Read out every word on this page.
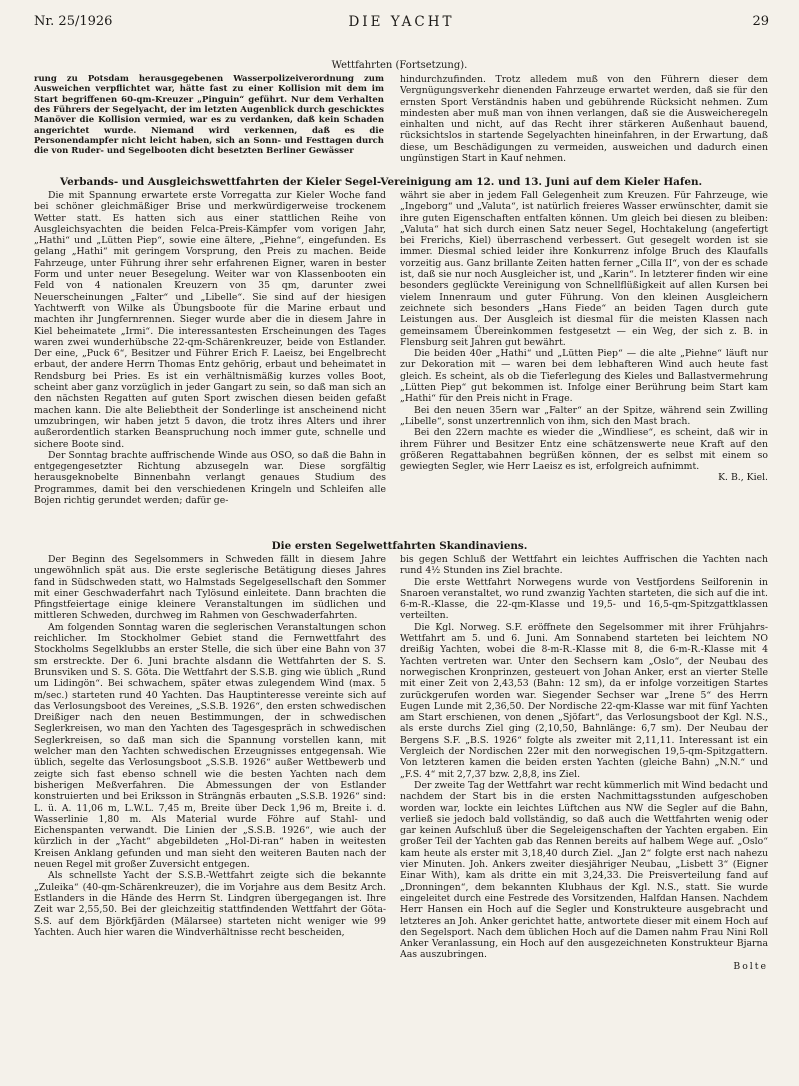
Nr. 25/1926	DIE YACHT	29
Wettfahrten (Fortsetzung).

rung zu Potsdam herausgegebenen Wasserpolizeiverordnung zum Ausweichen verpflichtet war, hätte fast zu einer Kollision mit dem im Start begriffenen 60-qm-Kreuzer „Pinguin“ geführt. Nur dem Verhalten des Führers der Segelyacht, der im letzten Augenblick durch geschicktes Manöver die Kollision vermied, war es zu verdanken, daß kein Schaden angerichtet wurde. Niemand wird verkennen, daß es die Personendampfer nicht leicht haben, sich an Sonn- und Festtagen durch die von Ruder- und Segelbooten dicht besetzten Berliner Gewässer

hindurchzufinden. Trotz alledem muß von den Führern dieser dem Vergnügungsverkehr dienenden Fahrzeuge erwartet werden, daß sie für den ernsten Sport Verständnis haben und gebührende Rücksicht nehmen. Zum mindesten aber muß man von ihnen verlangen, daß sie die Ausweicheregeln einhalten und nicht, auf das Recht ihrer stärkeren Außenhaut bauend, rücksichtslos in startende Segelyachten hineinfahren, in der Erwartung, daß diese, um Beschädigungen zu vermeiden, ausweichen und dadurch einen ungünstigen Start in Kauf nehmen.

Verbands- und Ausgleichswettfahrten der Kieler Segel-Vereinigung am 12. und 13. Juni auf dem Kieler Hafen.

Die mit Spannung erwartete erste Vorregatta zur Kieler Woche fand bei schöner gleichmäßiger Brise und merkwürdigerweise trockenem Wetter statt. Es hatten sich aus einer stattlichen Reihe von Ausgleichsyachten die beiden Felca-Preis-Kämpfer vom vorigen Jahr, „Hathi“ und „Lütten Piep“, sowie eine ältere, „Piehne“, eingefunden. Es gelang „Hathi“ mit geringem Vorsprung, den Preis zu machen. Beide Fahrzeuge, unter Führung ihrer sehr erfahrenen Eigner, waren in bester Form und unter neuer Besegelung. Weiter war von Klassenbooten ein Feld von 4 nationalen Kreuzern von 35 qm, darunter zwei Neuerscheinungen „Falter“ und „Libelle“. Sie sind auf der hiesigen Yachtwerft von Wilke als Übungsboote für die Marine erbaut und machten ihr Jungfernrennen. Sieger wurde aber die in diesem Jahre in Kiel beheimatete „Irmi“. Die interessantesten Erscheinungen des Tages waren zwei wunderhübsche 22-qm-Schärenkreuzer, beide von Estlander. Der eine, „Puck 6“, Besitzer und Führer Erich F. Laeisz, bei Engelbrecht erbaut, der andere Herrn Thomas Entz gehörig, erbaut und beheimatet in Rendsburg bei Pries. Es ist ein verhältnismäßig kurzes volles Boot, scheint aber ganz vorzüglich in jeder Gangart zu sein, so daß man sich an den nächsten Regatten auf guten Sport zwischen diesen beiden gefaßt machen kann. Die alte Beliebtheit der Sonderlinge ist anscheinend nicht umzubringen, wir haben jetzt 5 davon, die trotz ihres Alters und ihrer außerordentlich starken Beanspruchung noch immer gute, schnelle und sichere Boote sind.

Der Sonntag brachte auffrischende Winde aus OSO, so daß die Bahn in entgegengesetzter Richtung abzusegeln war. Diese sorgfältig herausgeknobelte Binnenbahn verlangt genaues Studium des Programmes, damit bei den verschiedenen Kringeln und Schleifen alle Bojen richtig gerundet werden; dafür ge-

währt sie aber in jedem Fall Gelegenheit zum Kreuzen. Für Fahrzeuge, wie „Ingeborg“ und „Valuta“, ist natürlich freieres Wasser erwünschter, damit sie ihre guten Eigenschaften entfalten können. Um gleich bei diesen zu bleiben: „Valuta“ hat sich durch einen Satz neuer Segel, Hochtakelung (angefertigt bei Frerichs, Kiel) überraschend verbessert. Gut gesegelt worden ist sie immer. Diesmal schied leider ihre Konkurrenz infolge Bruch des Klaufalls vorzeitig aus. Ganz brillante Zeiten hatten ferner „Cilla II“, von der es schade ist, daß sie nur noch Ausgleicher ist, und „Karin“. In letzterer finden wir eine besonders geglückte Vereinigung von Schnellflüßigkeit auf allen Kursen bei vielem Innenraum und guter Führung. Von den kleinen Ausgleichern zeichnete sich besonders „Hans Fiede“ an beiden Tagen durch gute Leistungen aus. Der Ausgleich ist diesmal für die meisten Klassen nach gemeinsamem Übereinkommen festgesetzt — ein Weg, der sich z. B. in Flensburg seit Jahren gut bewährt.

Die beiden 40er „Hathi“ und „Lütten Piep“ — die alte „Piehne“ läuft nur zur Dekoration mit — waren bei dem lebhafteren Wind auch heute fast gleich. Es scheint, als ob die Tieferlegung des Kieles und Ballastvermehrung „Lütten Piep“ gut bekommen ist. Infolge einer Berührung beim Start kam „Hathi“ für den Preis nicht in Frage.

Bei den neuen 35ern war „Falter“ an der Spitze, während sein Zwilling „Libelle“, sonst unzertrennlich von ihm, sich den Mast brach.

Bei den 22ern machte es wieder die „Windliese“, es scheint, daß wir in ihrem Führer und Besitzer Entz eine schätzenswerte neue Kraft auf den größeren Regattabahnen begrüßen können, der es selbst mit einem so gewiegten Segler, wie Herr Laeisz es ist, erfolgreich aufnimmt.

K. B., Kiel.

Die ersten Segelwettfahrten Skandinaviens.

Der Beginn des Segelsommers in Schweden fällt in diesem Jahre ungewöhnlich spät aus. Die erste seglerische Betätigung dieses Jahres fand in Südschweden statt, wo Halmstads Segelgesellschaft den Sommer mit einer Geschwaderfahrt nach Tylösund einleitete. Dann brachten die Pfingstfeiertage einige kleinere Veranstaltungen im südlichen und mittleren Schweden, durchweg im Rahmen von Geschwaderfahrten.

Am folgenden Sonntag waren die seglerischen Veranstaltungen schon reichlicher. Im Stockholmer Gebiet stand die Fernwettfahrt des Stockholms Segelklubbs an erster Stelle, die sich über eine Bahn von 37 sm erstreckte. Der 6. Juni brachte alsdann die Wettfahrten der S. S. Brunsviken und S. S. Göta. Die Wettfahrt der S.S.B. ging wie üblich „Rund um Lidingön“. Bei schwachem, später etwas zulegendem Wind (max. 5 m/sec.) starteten rund 40 Yachten. Das Hauptinteresse vereinte sich auf das Verlosungsboot des Vereines, „S.S.B. 1926“, den ersten schwedischen Dreißiger nach den neuen Bestimmungen, der in schwedischen Seglerkreisen, wo man den Yachten des Tagesgespräch in schwedischen Seglerkreisen, so daß man sich die Spannung vorstellen kann, mit welcher man den Yachten schwedischen Erzeugnisses entgegensah. Wie üblich, segelte das Verlosungsboot „S.S.B. 1926“ außer Wettbewerb und zeigte sich fast ebenso schnell wie die besten Yachten nach dem bisherigen Meßverfahren. Die Abmessungen der von Estlander konstruierten und bei Eriksson in Strängnäs erbauten „S.S.B. 1926“ sind: L. ü. A. 11,06 m, L.W.L. 7,45 m, Breite über Deck 1,96 m, Breite i. d. Wasserlinie 1,80 m. Als Material wurde Föhre auf Stahl- und Eichenspanten verwandt. Die Linien der „S.S.B. 1926“, wie auch der kürzlich in der „Yacht“ abgebildeten „Hol-Di-ran“ haben in weitesten Kreisen Anklang gefunden und man sieht den weiteren Bauten nach der neuen Regel mit großer Zuversicht entgegen.

Als schnellste Yacht der S.S.B.-Wettfahrt zeigte sich die bekannte „Zuleika“ (40-qm-Schärenkreuzer), die im Vorjahre aus dem Besitz Arch. Estlanders in die Hände des Herrn St. Lindgren übergegangen ist. Ihre Zeit war 2,55,50. Bei der gleichzeitig stattfindenden Wettfahrt der Göta-S.S. auf dem Björkfjärden (Mälarsee) starteten nicht weniger wie 99 Yachten. Auch hier waren die Windverhältnisse recht bescheiden,

bis gegen Schluß der Wettfahrt ein leichtes Auffrischen die Yachten nach rund 4½ Stunden ins Ziel brachte.

Die erste Wettfahrt Norwegens wurde von Vestfjordens Seilforenin in Snaroen veranstaltet, wo rund zwanzig Yachten starteten, die sich auf die int. 6-m-R.-Klasse, die 22-qm-Klasse und 19,5- und 16,5-qm-Spitzgattklassen verteilten.

Die Kgl. Norweg. S.F. eröffnete den Segelsommer mit ihrer Frühjahrs-Wettfahrt am 5. und 6. Juni. Am Sonnabend starteten bei leichtem NO dreißig Yachten, wobei die 8-m-R.-Klasse mit 8, die 6-m-R.-Klasse mit 4 Yachten vertreten war. Unter den Sechsern kam „Oslo“, der Neubau des norwegischen Kronprinzen, gesteuert von Johan Anker, erst an vierter Stelle mit einer Zeit von 2,43,53 (Bahn: 12 sm), da er infolge vorzeitigen Startes zurückgerufen worden war. Siegender Sechser war „Irene 5“ des Herrn Eugen Lunde mit 2,36,50. Der Nordische 22-qm-Klasse war mit fünf Yachten am Start erschienen, von denen „Sjöfart“, das Verlosungsboot der Kgl. N.S., als erste durchs Ziel ging (2,10,50, Bahnlänge: 6,7 sm). Der Neubau der Bergens S.F. „B.S. 1926“ folgte als zweiter mit 2,11,11. Interessant ist ein Vergleich der Nordischen 22er mit den norwegischen 19,5-qm-Spitzgattern. Von letzteren kamen die beiden ersten Yachten (gleiche Bahn) „N.N.“ und „F.S. 4“ mit 2,7,37 bzw. 2,8,8, ins Ziel.

Der zweite Tag der Wettfahrt war recht kümmerlich mit Wind bedacht und nachdem der Start bis in die ersten Nachmittagsstunden aufgeschoben worden war, lockte ein leichtes Lüftchen aus NW die Segler auf die Bahn, verließ sie jedoch bald vollständig, so daß auch die Wettfahrten wenig oder gar keinen Aufschluß über die Segeleigenschaften der Yachten ergaben. Ein großer Teil der Yachten gab das Rennen bereits auf halbem Wege auf. „Oslo“ kam heute als erster mit 3,18,40 durch Ziel. „Jan 2“ folgte erst nach nahezu vier Minuten. Joh. Ankers zweiter diesjähriger Neubau, „Lisbett 3“ (Eigner Einar With), kam als dritte ein mit 3,24,33. Die Preisverteilung fand auf „Dronningen“, dem bekannten Klubhaus der Kgl. N.S., statt. Sie wurde eingeleitet durch eine Festrede des Vorsitzenden, Halfdan Hansen. Nachdem Herr Hansen ein Hoch auf die Segler und Konstrukteure ausgebracht und letzteres an Joh. Anker gerichtet hatte, antwortete dieser mit einem Hoch auf den Segelsport. Nach dem üblichen Hoch auf die Damen nahm Frau Nini Roll Anker Veranlassung, ein Hoch auf den ausgezeichneten Konstrukteur Bjarna Aas auszubringen.

Bolte
